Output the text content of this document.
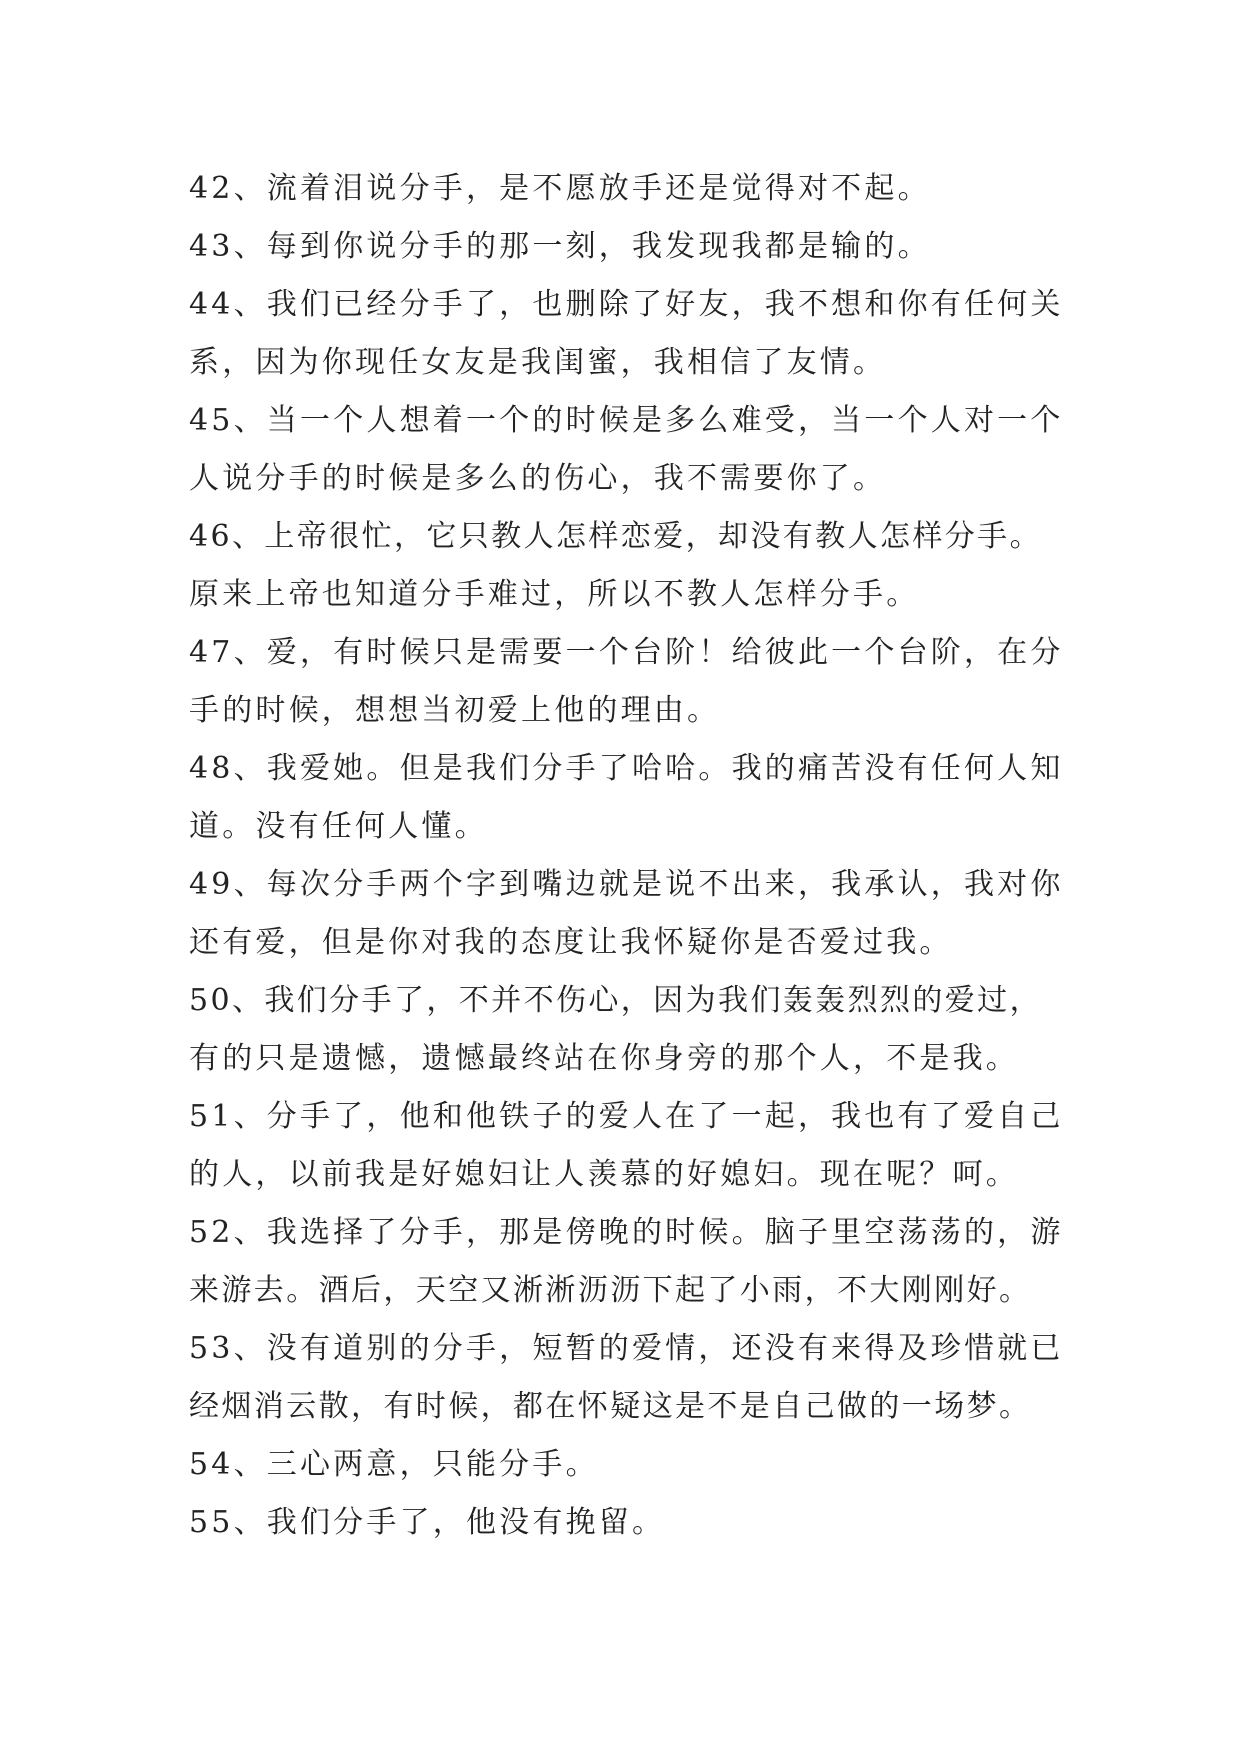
42、流着泪说分手，是不愿放手还是觉得对不起。
43、每到你说分手的那一刻，我发现我都是输的。
44、我们已经分手了，也删除了好友，我不想和你有任何关
系，因为你现任女友是我闺蜜，我相信了友情。
45、当一个人想着一个的时候是多么难受，当一个人对一个
人说分手的时候是多么的伤心，我不需要你了。
46、上帝很忙，它只教人怎样恋爱，却没有教人怎样分手。
原来上帝也知道分手难过，所以不教人怎样分手。
47、爱，有时候只是需要一个台阶！给彼此一个台阶，在分
手的时候，想想当初爱上他的理由。
48、我爱她。但是我们分手了哈哈。我的痛苦没有任何人知
道。没有任何人懂。
49、每次分手两个字到嘴边就是说不出来，我承认，我对你
还有爱，但是你对我的态度让我怀疑你是否爱过我。
50、我们分手了，不并不伤心，因为我们轰轰烈烈的爱过，
有的只是遗憾，遗憾最终站在你身旁的那个人，不是我。
51、分手了，他和他铁子的爱人在了一起，我也有了爱自己
的人，以前我是好媳妇让人羡慕的好媳妇。现在呢？呵。
52、我选择了分手，那是傍晚的时候。脑子里空荡荡的，游
来游去。酒后，天空又淅淅沥沥下起了小雨，不大刚刚好。
53、没有道别的分手，短暂的爱情，还没有来得及珍惜就已
经烟消云散，有时候，都在怀疑这是不是自己做的一场梦。
54、三心两意，只能分手。
55、我们分手了，他没有挽留。
